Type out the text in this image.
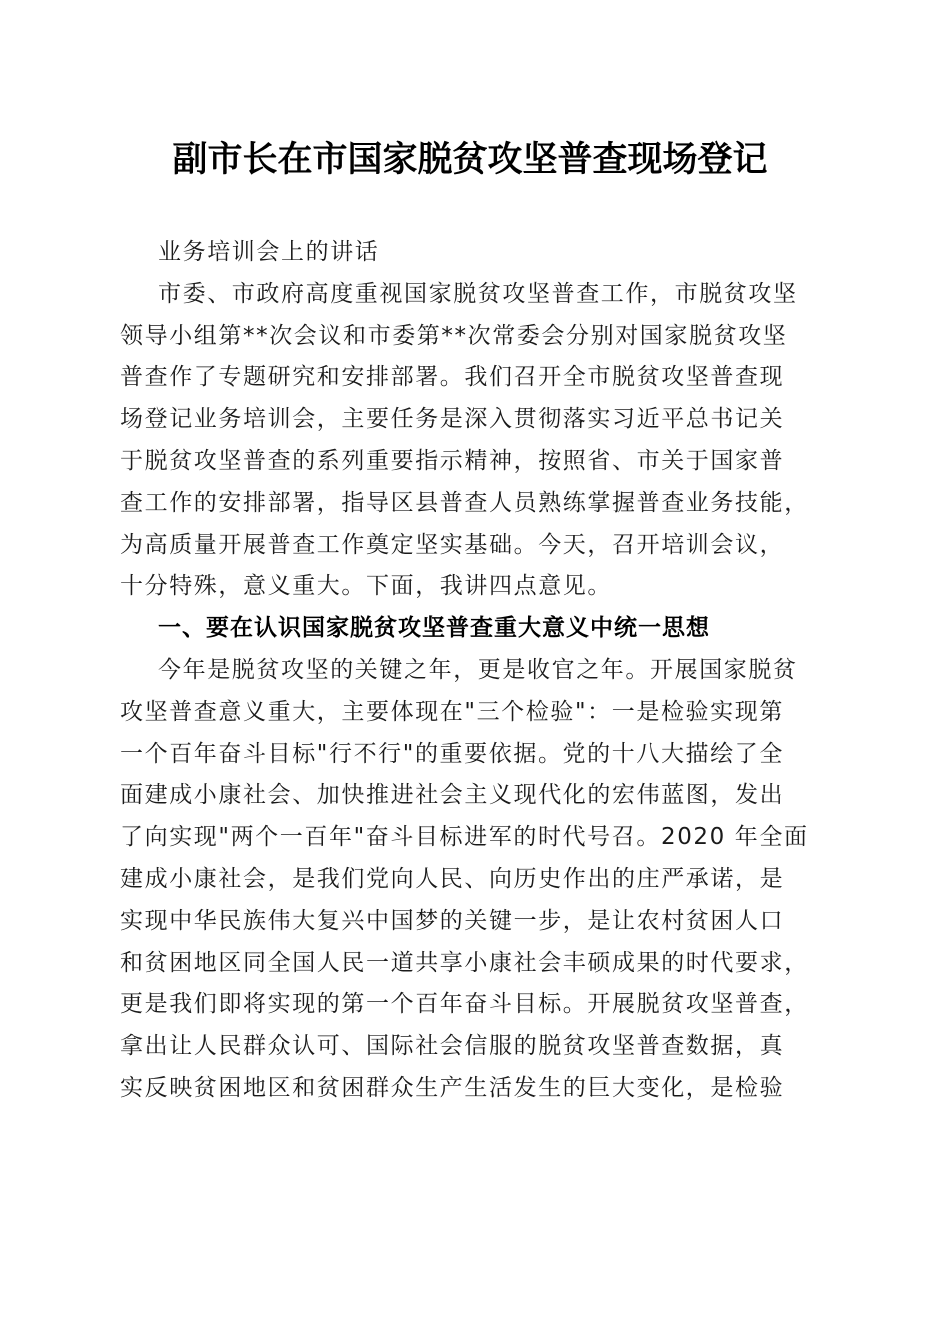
副市长在市国家脱贫攻坚普查现场登记
业务培训会上的讲话
市委、市政府高度重视国家脱贫攻坚普查工作，市脱贫攻坚
领导小组第**次会议和市委第**次常委会分别对国家脱贫攻坚
普查作了专题研究和安排部署。我们召开全市脱贫攻坚普查现
场登记业务培训会，主要任务是深入贯彻落实习近平总书记关
于脱贫攻坚普查的系列重要指示精神，按照省、市关于国家普
查工作的安排部署，指导区县普查人员熟练掌握普查业务技能，
为高质量开展普查工作奠定坚实基础。今天，召开培训会议，
十分特殊，意义重大。下面，我讲四点意见。
一、要在认识国家脱贫攻坚普查重大意义中统一思想
今年是脱贫攻坚的关键之年，更是收官之年。开展国家脱贫
攻坚普查意义重大，主要体现在"三个检验"：一是检验实现第
一个百年奋斗目标"行不行"的重要依据。党的十八大描绘了全
面建成小康社会、加快推进社会主义现代化的宏伟蓝图，发出
了向实现"两个一百年"奋斗目标进军的时代号召。2020 年全面
建成小康社会，是我们党向人民、向历史作出的庄严承诺，是
实现中华民族伟大复兴中国梦的关键一步，是让农村贫困人口
和贫困地区同全国人民一道共享小康社会丰硕成果的时代要求，
更是我们即将实现的第一个百年奋斗目标。开展脱贫攻坚普查，
拿出让人民群众认可、国际社会信服的脱贫攻坚普查数据，真
实反映贫困地区和贫困群众生产生活发生的巨大变化，是检验
